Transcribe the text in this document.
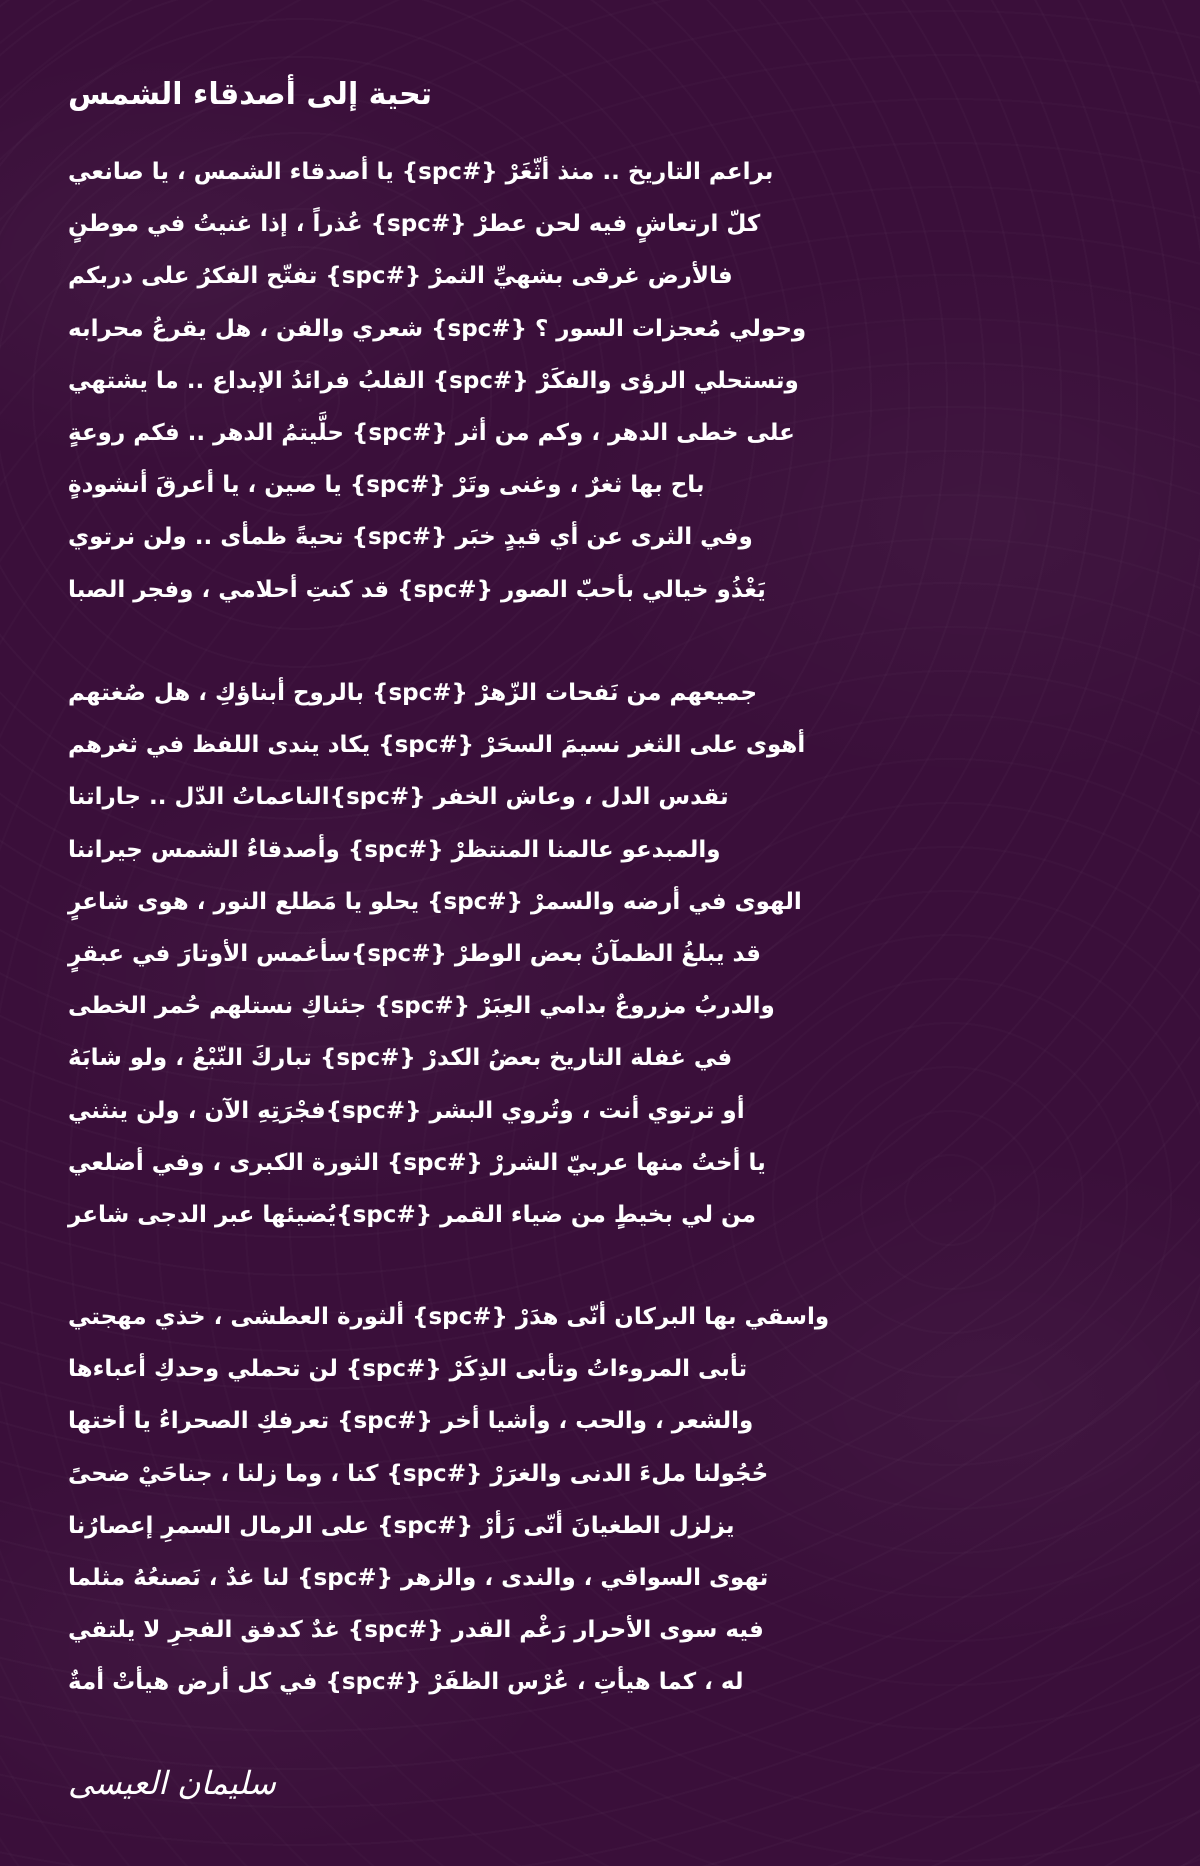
تحية إلى أصدقاء الشمس
براعم التاريخ .. منذ أثّغَرْ {#spc} يا أصدقاء الشمس ، يا صانعي
كلّ ارتعاشٍ فيه لحن عطرْ {#spc} عُذراً ، إذا غنيتُ في موطنٍ
فالأرض غرقى بشهيِّ الثمرْ {#spc} تفتّح الفكرُ على دربكم
وحولي مُعجزات السور ؟ {#spc} شعري والفن ، هل يقرعُ محرابه
وتستحلي الرؤى والفكَرْ {#spc} القلبُ فرائدُ الإبداع .. ما يشتهي
على خطى الدهر ، وكم من أثر {#spc} حلَّيتمُ الدهر .. فكم روعةٍ
باح بها ثغرٌ ، وغنى وتَرْ {#spc} يا صين ، يا أعرقَ أنشودةٍ
وفي الثرى عن أي قيدٍ خبَر {#spc} تحيةً ظمأى .. ولن نرتوي
يَغْذُو خيالي بأحبّ الصور {#spc} قد كنتِ أحلامي ، وفجر الصبا
جميعهم من نَفحات الزّهرْ {#spc} بالروح أبناؤكِ ، هل صُغتهم
أهوى على الثغر نسيمَ السحَرْ {#spc} يكاد يندى اللفظ في ثغرهم
تقدس الدل ، وعاش الخفر {#spc}الناعماتُ الدّل .. جاراتنا
والمبدعو عالمنا المنتظرْ {#spc} وأصدقاءُ الشمس جيراننا
الهوى في أرضه والسمرْ {#spc} يحلو يا مَطلع النور ، هوى شاعرٍ
قد يبلغُ الظمآنُ بعض الوطرْ {#spc}سأغمس الأوتارَ في عبقرٍ
والدربُ مزروعٌ بدامي العِبَرْ {#spc} جئناكِ نستلهم حُمر الخطى
في غفلة التاريخ بعضُ الكدرْ {#spc} تباركَ النّبْعُ ، ولو شابَهُ
أو ترتوي أنت ، وتُروي البشر {#spc}فجْرَتِهِ الآن ، ولن ينثني
يا أختُ منها عربيّ الشررْ {#spc} الثورة الكبرى ، وفي أضلعي
من لي بخيطٍ من ضياء القمر {#spc}يُضيئها عبر الدجى شاعر
واسقي بها البركان أنّى هدَرْ {#spc} ألثورة العطشى ، خذي مهجتي
تأبى المروءاتُ وتأبى الذِكَرْ {#spc} لن تحملي وحدكِ أعباءها
والشعر ، والحب ، وأشيا أخر {#spc} تعرفكِ الصحراءُ يا أختها
حُجُولنا ملءَ الدنى والغرَرْ {#spc} كنا ، وما زلنا ، جناحَيْ ضحىً
يزلزل الطغيانَ أنّى زَأرْ {#spc} على الرمال السمرِ إعصارُنا
تهوى السواقي ، والندى ، والزهر {#spc} لنا غدٌ ، نَصنعُهُ مثلما
فيه سوى الأحرار رَغْم القدر {#spc} غدٌ كدفق الفجرِ لا يلتقي
له ، كما هيأتِ ، عُرْس الظفَرْ {#spc} في كل أرض هيأتْ أمةٌ
سليمان العيسى
